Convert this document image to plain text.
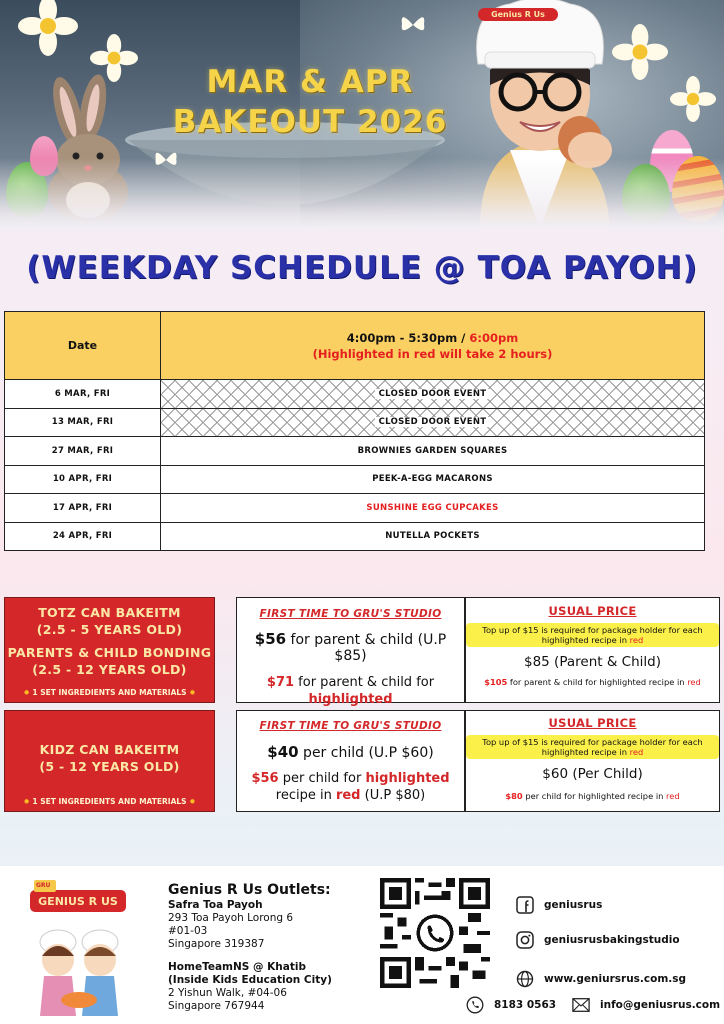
Genius R Us
MAR & APR
BAKEOUT 2026
(WEEKDAY SCHEDULE @ TOA PAYOH)
Date	4:00pm - 5:30pm / 6:00pm
(Highlighted in red will take 2 hours)
6 MAR, FRI	CLOSED DOOR EVENT
13 MAR, FRI	CLOSED DOOR EVENT
27 MAR, FRI	BROWNIES GARDEN SQUARES
10 APR, FRI	PEEK-A-EGG MACARONS
17 APR, FRI	SUNSHINE EGG CUPCAKES
24 APR, FRI	NUTELLA POCKETS
TOTZ CAN BAKEITM
(2.5 - 5 YEARS OLD)
PARENTS & CHILD BONDING
(2.5 - 12 YEARS OLD)
✹ 1 SET INGREDIENTS AND MATERIALS ✹
FIRST TIME TO GRU'S STUDIO
$56 for parent & child (U.P $85)
$71 for parent & child for highlighted
USUAL PRICE
Top up of $15 is required for package holder for each highlighted recipe in red
$85 (Parent & Child)
$105 for parent & child for highlighted recipe in red
KIDZ CAN BAKEITM
(5 - 12 YEARS OLD)
✹ 1 SET INGREDIENTS AND MATERIALS ✹
FIRST TIME TO GRU'S STUDIO
$40 per child (U.P $60)
$56 per child for highlighted
recipe in red (U.P $80)
USUAL PRICE
Top up of $15 is required for package holder for each highlighted recipe in red
$60 (Per Child)
$80 per child for highlighted recipe in red
GRU
GENIUS R US
Genius R Us Outlets:
Safra Toa Payoh
293 Toa Payoh Lorong 6
#01-03
Singapore 319387
HomeTeamNS @ Khatib
(Inside Kids Education City)
2 Yishun Walk, #04-06
Singapore 767944
geniusrus
geniusrusbakingstudio
www.geniursrus.com.sg
8183 0563	info@geniusrus.com
